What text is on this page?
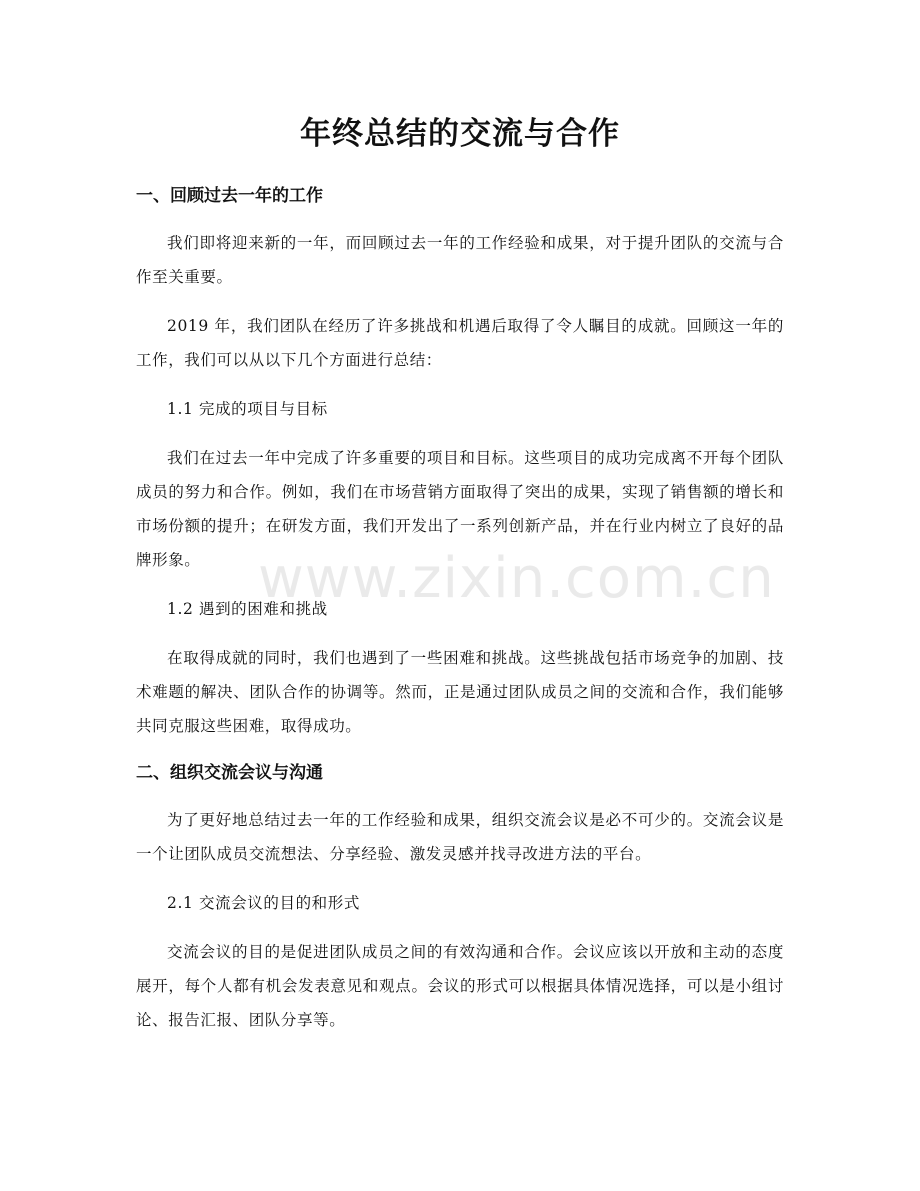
年终总结的交流与合作
一、回顾过去一年的工作

我们即将迎来新的一年，而回顾过去一年的工作经验和成果，对于提升团队的交流与合作至关重要。

2019 年，我们团队在经历了许多挑战和机遇后取得了令人瞩目的成就。回顾这一年的工作，我们可以从以下几个方面进行总结：

1.1 完成的项目与目标

我们在过去一年中完成了许多重要的项目和目标。这些项目的成功完成离不开每个团队成员的努力和合作。例如，我们在市场营销方面取得了突出的成果，实现了销售额的增长和市场份额的提升；在研发方面，我们开发出了一系列创新产品，并在行业内树立了良好的品牌形象。

1.2 遇到的困难和挑战

在取得成就的同时，我们也遇到了一些困难和挑战。这些挑战包括市场竞争的加剧、技术难题的解决、团队合作的协调等。然而，正是通过团队成员之间的交流和合作，我们能够共同克服这些困难，取得成功。

二、组织交流会议与沟通

为了更好地总结过去一年的工作经验和成果，组织交流会议是必不可少的。交流会议是一个让团队成员交流想法、分享经验、激发灵感并找寻改进方法的平台。

2.1 交流会议的目的和形式

交流会议的目的是促进团队成员之间的有效沟通和合作。会议应该以开放和主动的态度展开，每个人都有机会发表意见和观点。会议的形式可以根据具体情况选择，可以是小组讨论、报告汇报、团队分享等。

www.zixin.com.cn
